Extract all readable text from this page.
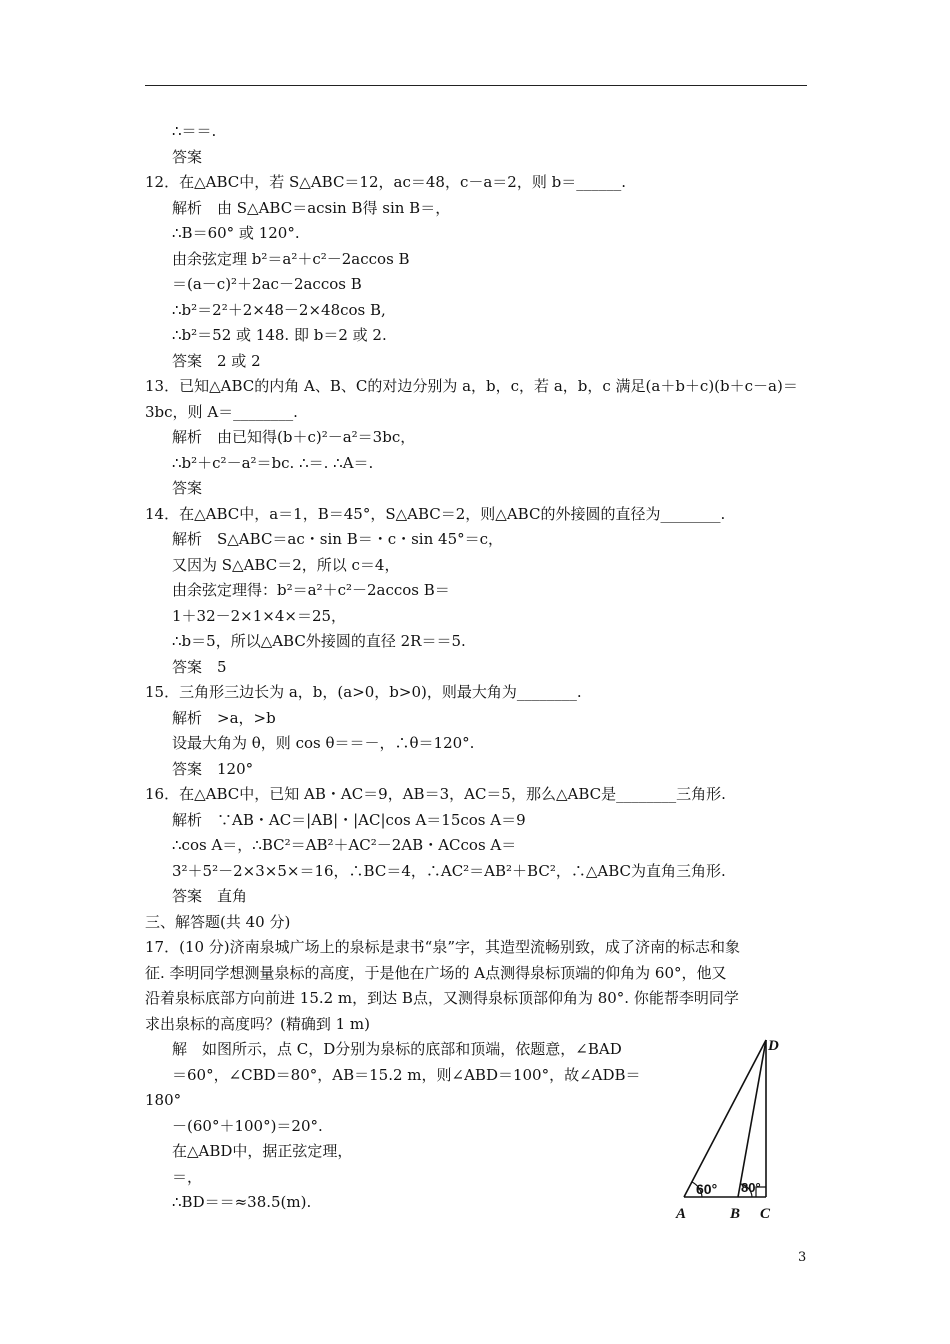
∴＝＝.
答案
12．在△ABC中，若 S△ABC＝12，ac＝48，c－a＝2，则 b＝______.
解析　由 S△ABC＝acsin B得 sin B＝，
∴B＝60° 或 120°.
由余弦定理 b²＝a²＋c²－2accos B
＝(a－c)²＋2ac－2accos B
∴b²＝2²＋2×48－2×48cos B,
∴b²＝52 或 148. 即 b＝2 或 2.
答案　2 或 2
13．已知△ABC的内角 A、B、C的对边分别为 a，b，c，若 a，b，c 满足(a＋b＋c)(b＋c－a)＝
3bc，则 A＝________.
解析　由已知得(b＋c)²－a²＝3bc，
∴b²＋c²－a²＝bc. ∴＝. ∴A＝.
答案
14．在△ABC中，a＝1，B＝45°，S△ABC＝2，则△ABC的外接圆的直径为________.
解析　S△ABC＝ac・sin B＝・c・sin 45°＝c，
又因为 S△ABC＝2，所以 c＝4，
由余弦定理得：b²＝a²＋c²－2accos B＝
1＋32－2×1×4×＝25，
∴b＝5，所以△ABC外接圆的直径 2R＝＝5.
答案　5
15．三角形三边长为 a，b，(a>0，b>0)，则最大角为________.
解析　>a，>b
设最大角为 θ，则 cos θ＝＝－，∴θ＝120°.
答案　120°
16．在△ABC中，已知 AB・AC＝9，AB＝3，AC＝5，那么△ABC是________三角形.
解析　∵AB・AC＝|AB|・|AC|cos A＝15cos A＝9
∴cos A＝，∴BC²＝AB²＋AC²－2AB・ACcos A＝
3²＋5²－2×3×5×＝16，∴BC＝4，∴AC²＝AB²＋BC²，∴△ABC为直角三角形.
答案　直角
三、解答题(共 40 分)
17．(10 分)济南泉城广场上的泉标是隶书“泉”字，其造型流畅别致，成了济南的标志和象
征. 李明同学想测量泉标的高度，于是他在广场的 A点测得泉标顶端的仰角为 60°，他又
沿着泉标底部方向前进 15.2 m，到达 B点，又测得泉标顶部仰角为 80°. 你能帮李明同学
求出泉标的高度吗？(精确到 1 m)
解　如图所示，点 C，D分别为泉标的底部和顶端，依题意，∠BAD
＝60°，∠CBD＝80°，AB＝15.2 m，则∠ABD＝100°，故∠ADB＝
180°
－(60°＋100°)＝20°.
在△ABD中，据正弦定理，
＝，
∴BD＝＝≈38.5(m).
D
A	B C
60° 80°
3
